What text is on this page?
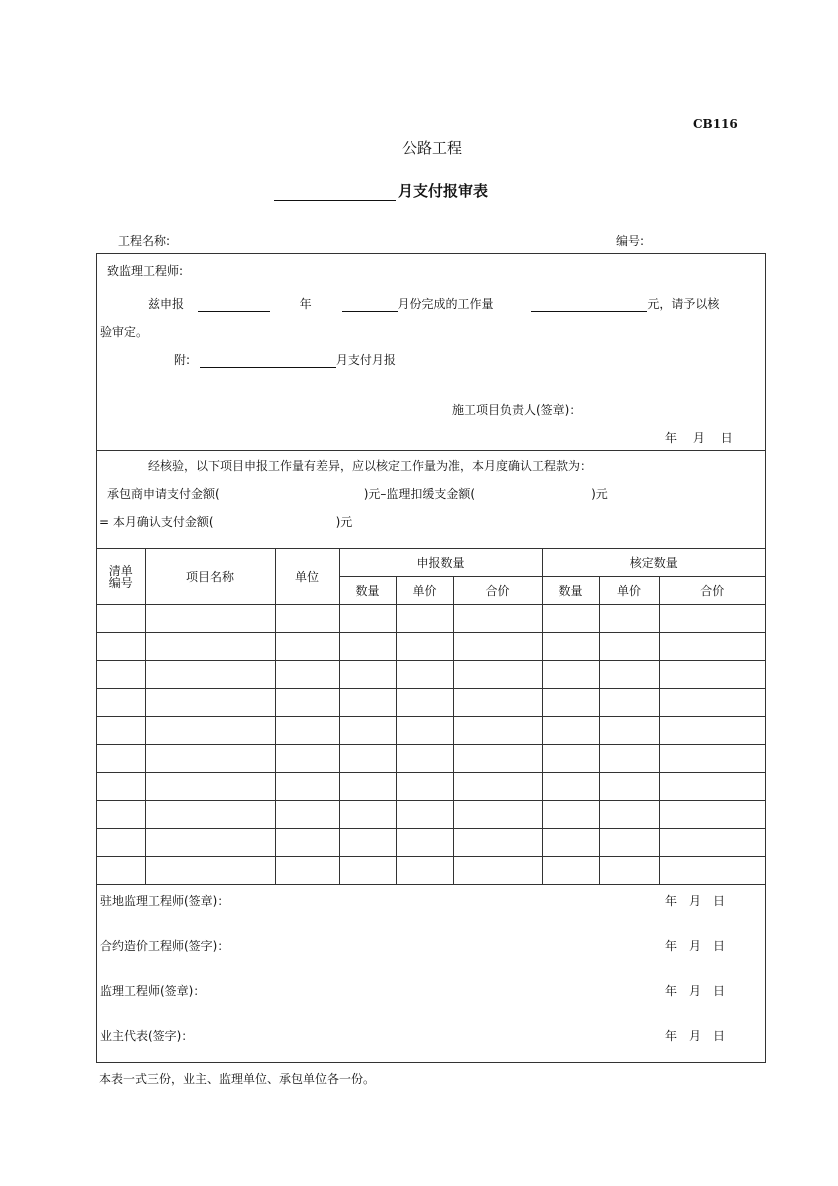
CB116
公路工程
月支付报审表
工程名称:	编号:
致监理工程师:
兹申报	年	月份完成的工作量	元，请予以核
验审定。
附:	月支付月报
施工项目负责人(签章)：
年 月 日
经核验，以下项目申报工作量有差异，应以核定工作量为准，本月度确认工程款为：
承包商申请支付金额(	)元–监理扣缓支金额(	)元
= 本月确认支付金额(	)元
清单
编号	项目名称	单位	申报数量			核定数量		
			数量	单价	合价	数量	单价	合价

驻地监理工程师(签章)：	年 月 日
合约造价工程师(签字)：	年 月 日
监理工程师(签章)：	年 月 日
业主代表(签字)：	年 月 日
本表一式三份，业主、监理单位、承包单位各一份。
